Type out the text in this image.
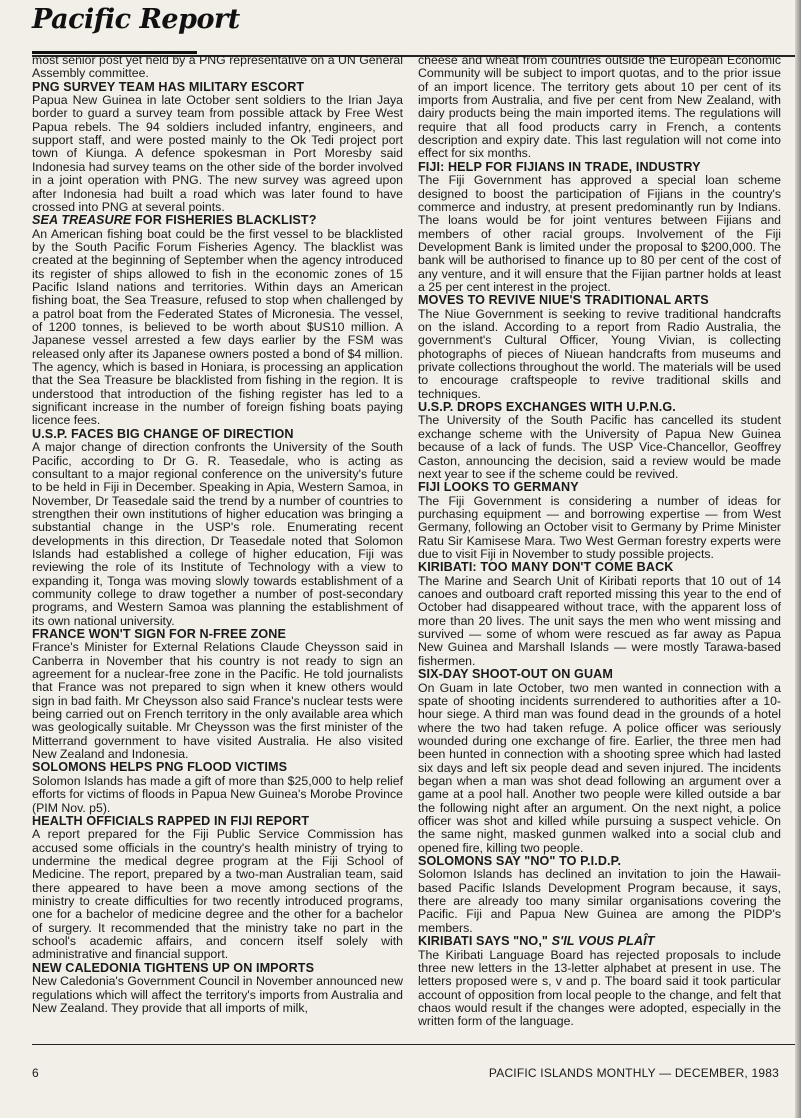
Pacific Report

most senior post yet held by a PNG representative on a UN General Assembly committee.

PNG SURVEY TEAM HAS MILITARY ESCORT

Papua New Guinea in late October sent soldiers to the Irian Jaya border to guard a survey team from possible attack by Free West Papua rebels. The 94 soldiers included infantry, engineers, and support staff, and were posted mainly to the Ok Tedi project port town of Kiunga. A defence spokesman in Port Moresby said Indonesia had survey teams on the other side of the border involved in a joint operation with PNG. The new survey was agreed upon after Indonesia had built a road which was later found to have crossed into PNG at several points.

SEA TREASURE FOR FISHERIES BLACKLIST?

An American fishing boat could be the first vessel to be blacklisted by the South Pacific Forum Fisheries Agency. The blacklist was created at the beginning of September when the agency introduced its register of ships allowed to fish in the economic zones of 15 Pacific Island nations and territories. Within days an American fishing boat, the Sea Treasure, refused to stop when challenged by a patrol boat from the Federated States of Micronesia. The vessel, of 1200 tonnes, is believed to be worth about $US10 million. A Japanese vessel arrested a few days earlier by the FSM was released only after its Japanese owners posted a bond of $4 million. The agency, which is based in Honiara, is processing an application that the Sea Treasure be blacklisted from fishing in the region. It is understood that introduction of the fishing register has led to a significant increase in the number of foreign fishing boats paying licence fees.

U.S.P. FACES BIG CHANGE OF DIRECTION

A major change of direction confronts the University of the South Pacific, according to Dr G. R. Teasedale, who is acting as consultant to a major regional conference on the university's future to be held in Fiji in December. Speaking in Apia, Western Samoa, in November, Dr Teasedale said the trend by a number of countries to strengthen their own institutions of higher education was bringing a substantial change in the USP's role. Enumerating recent developments in this direction, Dr Teasedale noted that Solomon Islands had established a college of higher education, Fiji was reviewing the role of its Institute of Technology with a view to expanding it, Tonga was moving slowly towards establishment of a community college to draw together a number of post-secondary programs, and Western Samoa was planning the establishment of its own national university.

FRANCE WON'T SIGN FOR N-FREE ZONE

France's Minister for External Relations Claude Cheysson said in Canberra in November that his country is not ready to sign an agreement for a nuclear-free zone in the Pacific. He told journalists that France was not prepared to sign when it knew others would sign in bad faith. Mr Cheysson also said France's nuclear tests were being carried out on French territory in the only available area which was geologically suitable. Mr Cheysson was the first minister of the Mitterrand government to have visited Australia. He also visited New Zealand and Indonesia.

SOLOMONS HELPS PNG FLOOD VICTIMS

Solomon Islands has made a gift of more than $25,000 to help relief efforts for victims of floods in Papua New Guinea's Morobe Province (PIM Nov. p5).

HEALTH OFFICIALS RAPPED IN FIJI REPORT

A report prepared for the Fiji Public Service Commission has accused some officials in the country's health ministry of trying to undermine the medical degree program at the Fiji School of Medicine. The report, prepared by a two-man Australian team, said there appeared to have been a move among sections of the ministry to create difficulties for two recently introduced programs, one for a bachelor of medicine degree and the other for a bachelor of surgery. It recommended that the ministry take no part in the school's academic affairs, and concern itself solely with administrative and financial support.

NEW CALEDONIA TIGHTENS UP ON IMPORTS

New Caledonia's Government Council in November announced new regulations which will affect the territory's imports from Australia and New Zealand. They provide that all imports of milk,

cheese and wheat from countries outside the European Economic Community will be subject to import quotas, and to the prior issue of an import licence. The territory gets about 10 per cent of its imports from Australia, and five per cent from New Zealand, with dairy products being the main imported items. The regulations will require that all food products carry in French, a contents description and expiry date. This last regulation will not come into effect for six months.

FIJI: HELP FOR FIJIANS IN TRADE, INDUSTRY

The Fiji Government has approved a special loan scheme designed to boost the participation of Fijians in the country's commerce and industry, at present predominantly run by Indians. The loans would be for joint ventures between Fijians and members of other racial groups. Involvement of the Fiji Development Bank is limited under the proposal to $200,000. The bank will be authorised to finance up to 80 per cent of the cost of any venture, and it will ensure that the Fijian partner holds at least a 25 per cent interest in the project.

MOVES TO REVIVE NIUE'S TRADITIONAL ARTS

The Niue Government is seeking to revive traditional handcrafts on the island. According to a report from Radio Australia, the government's Cultural Officer, Young Vivian, is collecting photographs of pieces of Niuean handcrafts from museums and private collections throughout the world. The materials will be used to encourage craftspeople to revive traditional skills and techniques.

U.S.P. DROPS EXCHANGES WITH U.P.N.G.

The University of the South Pacific has cancelled its student exchange scheme with the University of Papua New Guinea because of a lack of funds. The USP Vice-Chancellor, Geoffrey Caston, announcing the decision, said a review would be made next year to see if the scheme could be revived.

FIJI LOOKS TO GERMANY

The Fiji Government is considering a number of ideas for purchasing equipment — and borrowing expertise — from West Germany, following an October visit to Germany by Prime Minister Ratu Sir Kamisese Mara. Two West German forestry experts were due to visit Fiji in November to study possible projects.

KIRIBATI: TOO MANY DON'T COME BACK

The Marine and Search Unit of Kiribati reports that 10 out of 14 canoes and outboard craft reported missing this year to the end of October had disappeared without trace, with the apparent loss of more than 20 lives. The unit says the men who went missing and survived — some of whom were rescued as far away as Papua New Guinea and Marshall Islands — were mostly Tarawa-based fishermen.

SIX-DAY SHOOT-OUT ON GUAM

On Guam in late October, two men wanted in connection with a spate of shooting incidents surrendered to authorities after a 10-hour siege. A third man was found dead in the grounds of a hotel where the two had taken refuge. A police officer was seriously wounded during one exchange of fire. Earlier, the three men had been hunted in connection with a shooting spree which had lasted six days and left six people dead and seven injured. The incidents began when a man was shot dead following an argument over a game at a pool hall. Another two people were killed outside a bar the following night after an argument. On the next night, a police officer was shot and killed while pursuing a suspect vehicle. On the same night, masked gunmen walked into a social club and opened fire, killing two people.

SOLOMONS SAY "NO" TO P.I.D.P.

Solomon Islands has declined an invitation to join the Hawaii-based Pacific Islands Development Program because, it says, there are already too many similar organisations covering the Pacific. Fiji and Papua New Guinea are among the PIDP's members.

KIRIBATI SAYS "NO," S'IL VOUS PLAÎT

The Kiribati Language Board has rejected proposals to include three new letters in the 13-letter alphabet at present in use. The letters proposed were s, v and p. The board said it took particular account of opposition from local people to the change, and felt that chaos would result if the changes were adopted, especially in the written form of the language.

6	PACIFIC ISLANDS MONTHLY — DECEMBER, 1983
